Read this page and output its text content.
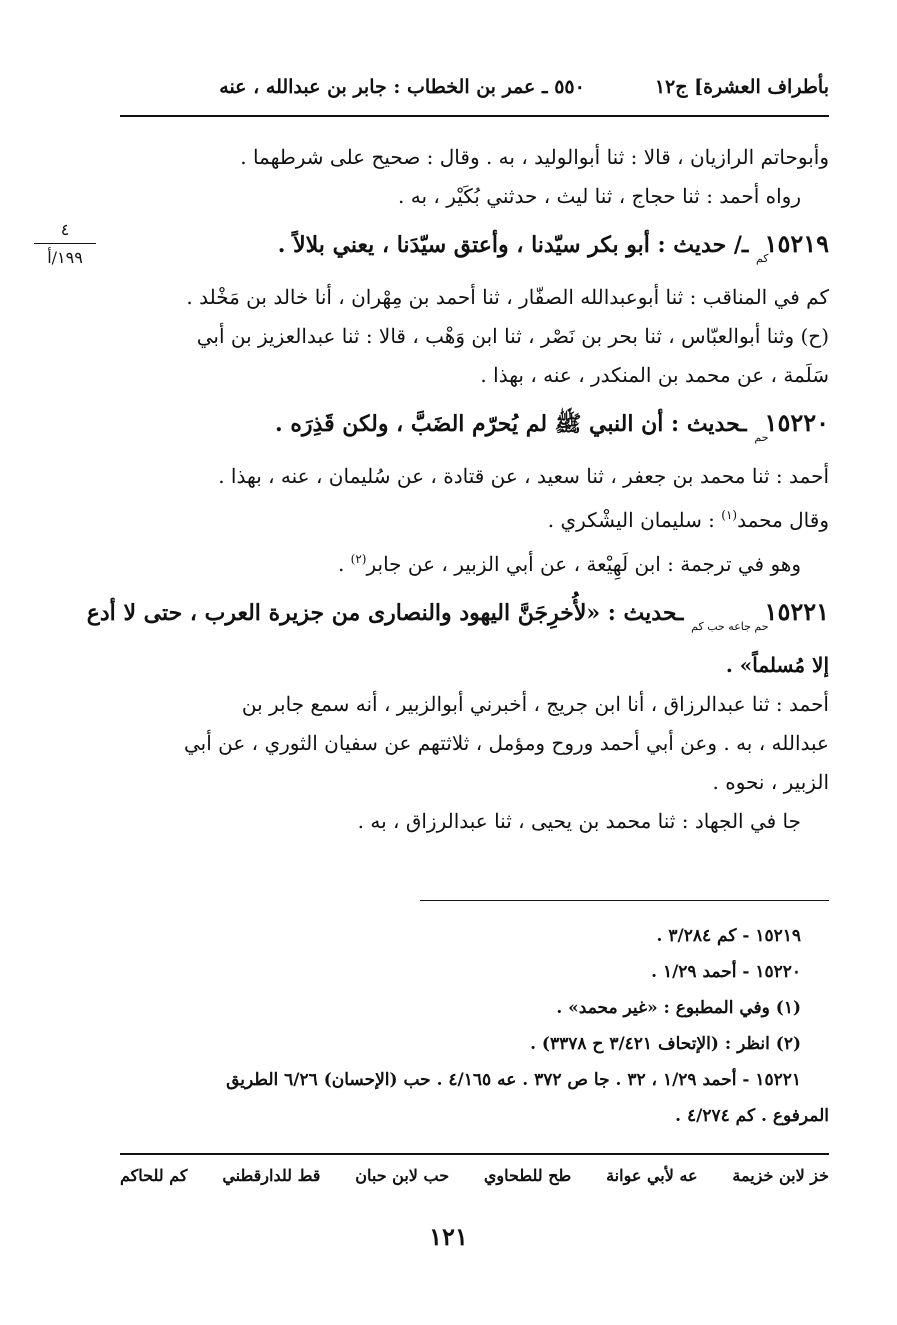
بأطراف العشرة] ج١٢
٥٥٠ ـ عمر بن الخطاب : جابر بن عبدالله ، عنه
٤
١٩٩/أ
وأبوحاتم الرازيان ، قالا : ثنا أبوالوليد ، به . وقال : صحيح على شرطهما .
رواه أحمد : ثنا حجاج ، ثنا ليث ، حدثني بُكَيْر ، به .
$١٥٢١٩_{كم}$ ـ/ حديث : أبو بكر سيّدنا ، وأعتق سيّدَنا ، يعني بلالاً .
كم في المناقب : ثنا أبوعبدالله الصفّار ، ثنا أحمد بن مِهْران ، أنا خالد بن مَخْلد .
(ح) وثنا أبوالعبّاس ، ثنا بحر بن نَصْر ، ثنا ابن وَهْب ، قالا : ثنا عبدالعزيز بن أبي
سَلَمة ، عن محمد بن المنكدر ، عنه ، بهذا .
$١٥٢٢٠_{حم}$ ـحديث : أن النبي ﷺ لم يُحرّم الضَبَّ ، ولكن قَذِرَه .
أحمد : ثنا محمد بن جعفر ، ثنا سعيد ، عن قتادة ، عن سُليمان ، عنه ، بهذا .
وقال محمد$^{(١)}$ : سليمان اليشْكري .
وهو في ترجمة : ابن لَهِيْعة ، عن أبي الزبير ، عن جابر$^{(٢)}$ .
$١٥٢٢١_{حم جاعه حب كم}$ ـحديث : «لأُخرِجَنَّ اليهود والنصارى من جزيرة العرب ، حتى لا أدع
إلا مُسلماً» .
أحمد : ثنا عبدالرزاق ، أنا ابن جريج ، أخبرني أبوالزبير ، أنه سمع جابر بن
عبدالله ، به . وعن أبي أحمد وروح ومؤمل ، ثلاثتهم عن سفيان الثوري ، عن أبي
الزبير ، نحوه .
جا في الجهاد : ثنا محمد بن يحيى ، ثنا عبدالرزاق ، به .
١٥٢١٩ - كم ٣/٢٨٤ .
١٥٢٢٠ - أحمد ١/٢٩ .
(١) وفي المطبوع : «غير محمد» .
(٢) انظر : (الإتحاف ٣/٤٢١ ح ٣٣٧٨) .
١٥٢٢١ - أحمد ١/٢٩ ، ٣٢ . جا ص ٣٧٢ . عه ٤/١٦٥ . حب (الإحسان) ٦/٢٦ الطريق
المرفوع . كم ٤/٢٧٤ .
خز لابن خزيمة
عه لأبي عوانة
طح للطحاوي
حب لابن حبان
قط للدارقطني
كم للحاكم
١٢١
